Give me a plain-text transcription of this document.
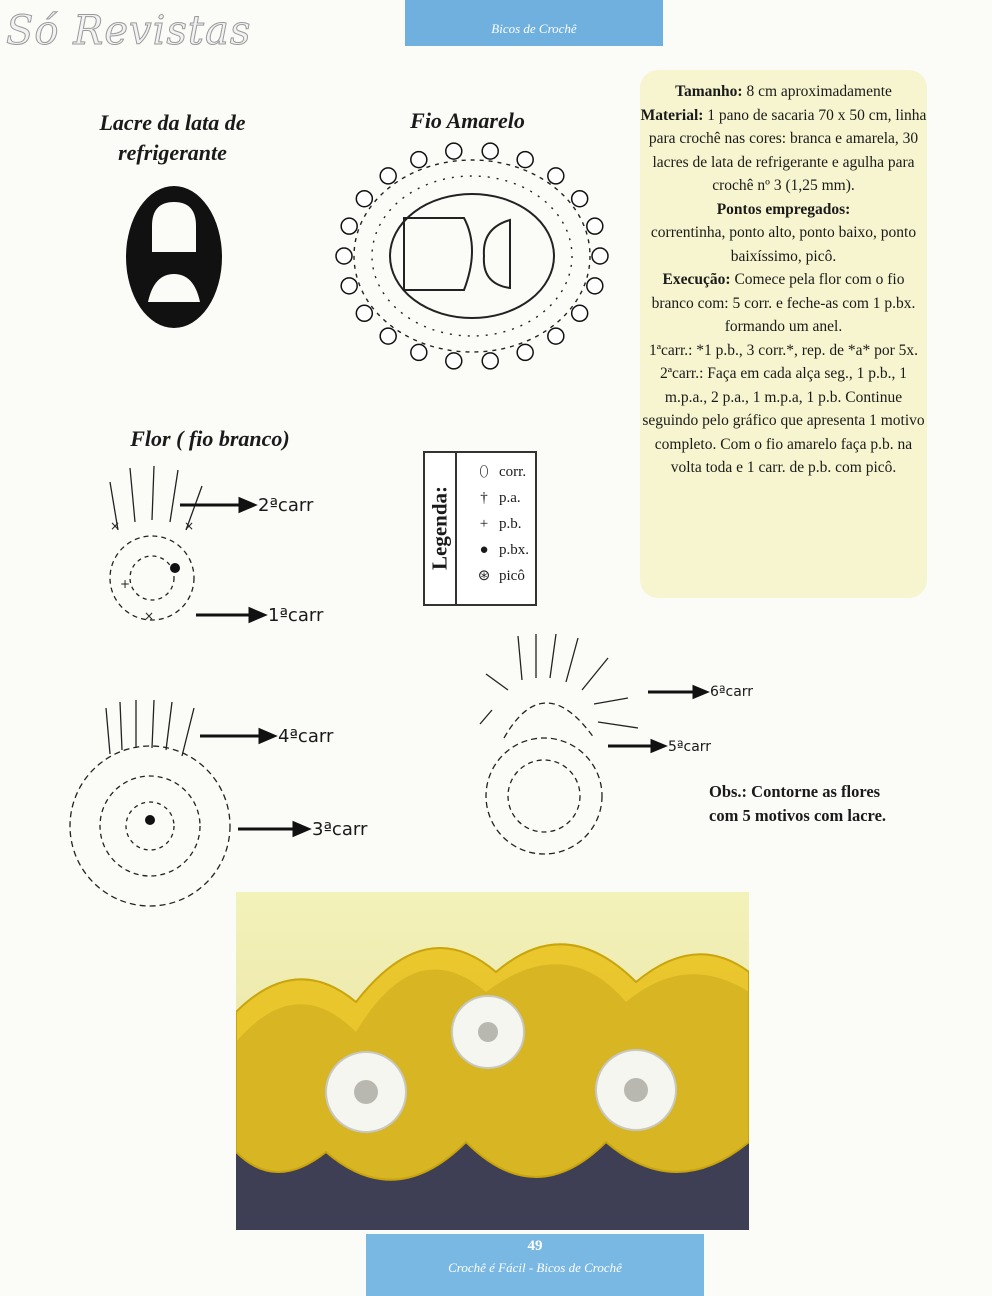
Só Revistas	Bicos de Crochê
Lacre da lata de refrigerante
Fio Amarelo
Flor ( fio branco)
Legenda:
⬯ corr.
† p.a.
+ p.b.
● p.bx.
⊛ picô

Tamanho: 8 cm aproximadamente

Material: 1 pano de sacaria 70 x 50 cm, linha para crochê nas cores: branca e amarela, 30 lacres de lata de refrigerante e agulha para crochê nº 3 (1,25 mm).

Pontos empregados:

correntinha, ponto alto, ponto baixo, ponto baixíssimo, picô.

Execução: Comece pela flor com o fio branco com: 5 corr. e feche-as com 1 p.bx. formando um anel.

1ªcarr.: *1 p.b., 3 corr.*, rep. de *a* por 5x.

2ªcarr.: Faça em cada alça seg., 1 p.b., 1 m.p.a., 2 p.a., 1 m.p.a, 1 p.b. Continue seguindo pelo gráfico que apresenta 1 motivo completo. Com o fio amarelo faça p.b. na volta toda e 1 carr. de p.b. com picô.

×	×
+
×
2ªcarr
1ªcarr
4ªcarr
3ªcarr
6ªcarr
5ªcarr
Obs.: Contorne as flores com 5 motivos com lacre.
49
Crochê é Fácil - Bicos de Crochê
